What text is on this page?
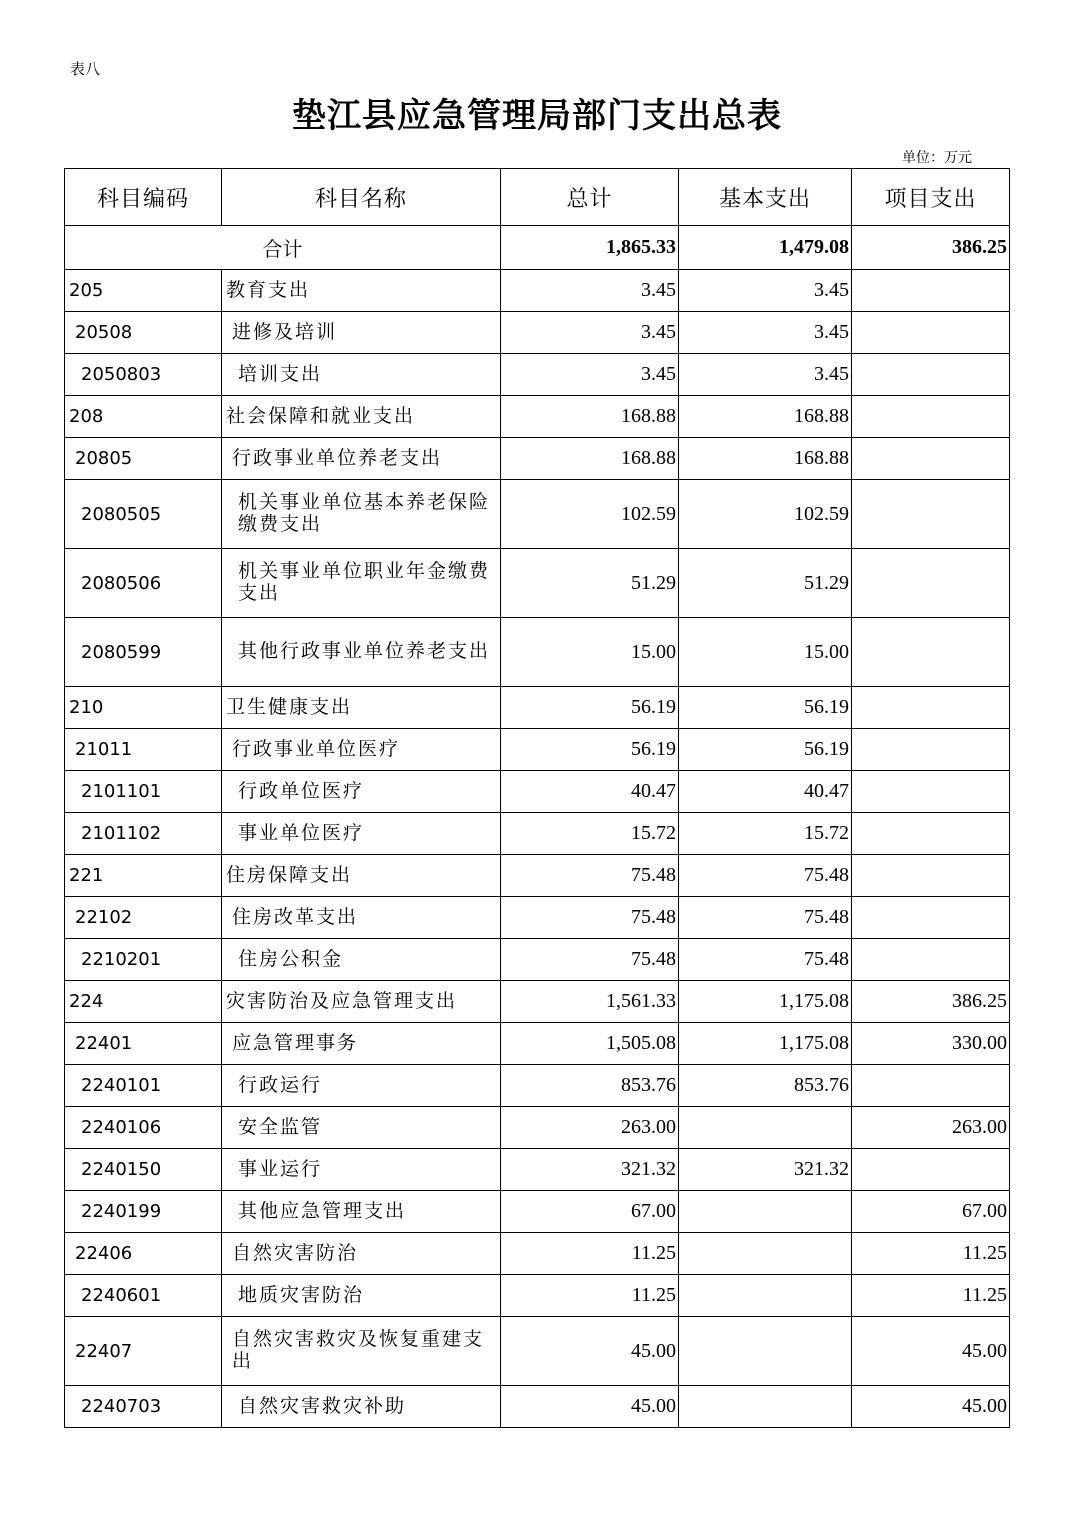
表八
垫江县应急管理局部门支出总表
单位：万元
科目编码	科目名称	总计	基本支出	项目支出
合计		1,865.33	1,479.08	386.25
205	教育支出	3.45	3.45	
20508	进修及培训	3.45	3.45	
2050803	培训支出	3.45	3.45	
208	社会保障和就业支出	168.88	168.88	
20805	行政事业单位养老支出	168.88	168.88	
2080505	机关事业单位基本养老保险缴费支出	102.59	102.59	
2080506	机关事业单位职业年金缴费支出	51.29	51.29	
2080599	其他行政事业单位养老支出	15.00	15.00	
210	卫生健康支出	56.19	56.19	
21011	行政事业单位医疗	56.19	56.19	
2101101	行政单位医疗	40.47	40.47	
2101102	事业单位医疗	15.72	15.72	
221	住房保障支出	75.48	75.48	
22102	住房改革支出	75.48	75.48	
2210201	住房公积金	75.48	75.48	
224	灾害防治及应急管理支出	1,561.33	1,175.08	386.25
22401	应急管理事务	1,505.08	1,175.08	330.00
2240101	行政运行	853.76	853.76	
2240106	安全监管	263.00		263.00
2240150	事业运行	321.32	321.32	
2240199	其他应急管理支出	67.00		67.00
22406	自然灾害防治	11.25		11.25
2240601	地质灾害防治	11.25		11.25
22407	自然灾害救灾及恢复重建支出	45.00		45.00
2240703	自然灾害救灾补助	45.00		45.00
